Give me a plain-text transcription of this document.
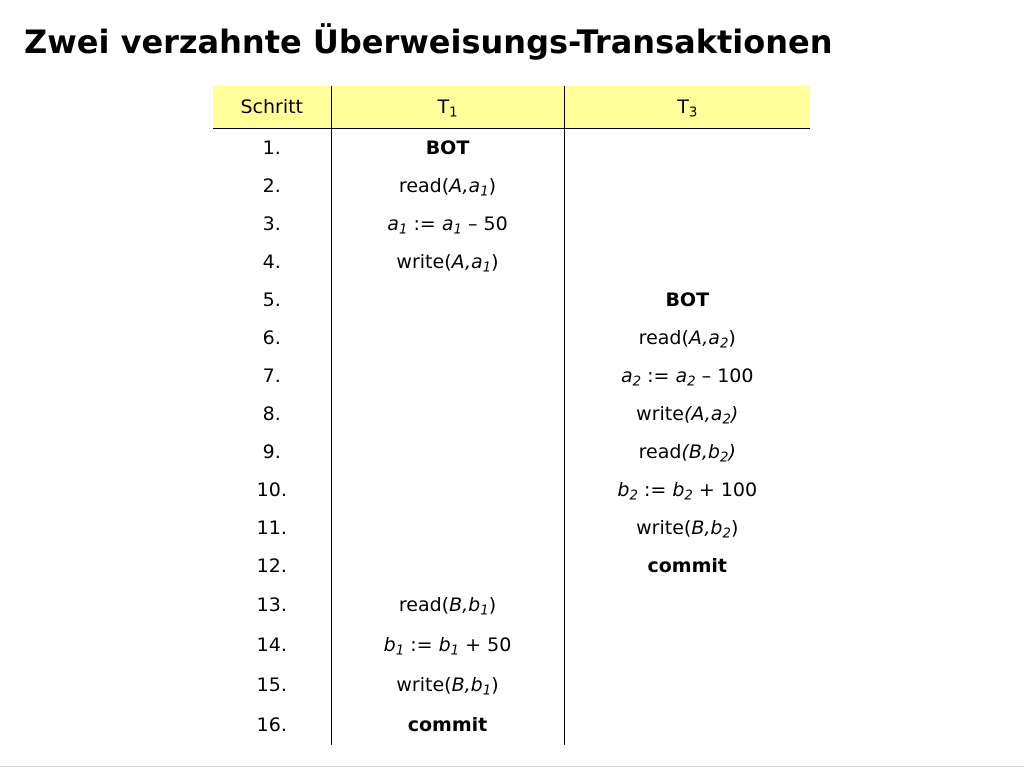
Zwei verzahnte Überweisungs-Transaktionen
Schritt	$T_1$	$T_3$
1.	BOT	
2.	$read(A,a_1)$	
3.	$a_1$ := $a_1 - 50$	
4.	$write(A,a_1)$	
5.		BOT
6.		$read(A,a_2)$
7.		$a_2$ := $a_2 - 100$
8.		$write(A,a_2)$
9.		$read(B,b_2)$
10.		$b_2$ := $b_2 + 100$
11.		$write(B,b_2)$
12.		commit
13.	$read(B,b_1)$	
14.	$b_1$ := $b_1 + 50$	
15.	$write(B,b_1)$	
16.	commit	
